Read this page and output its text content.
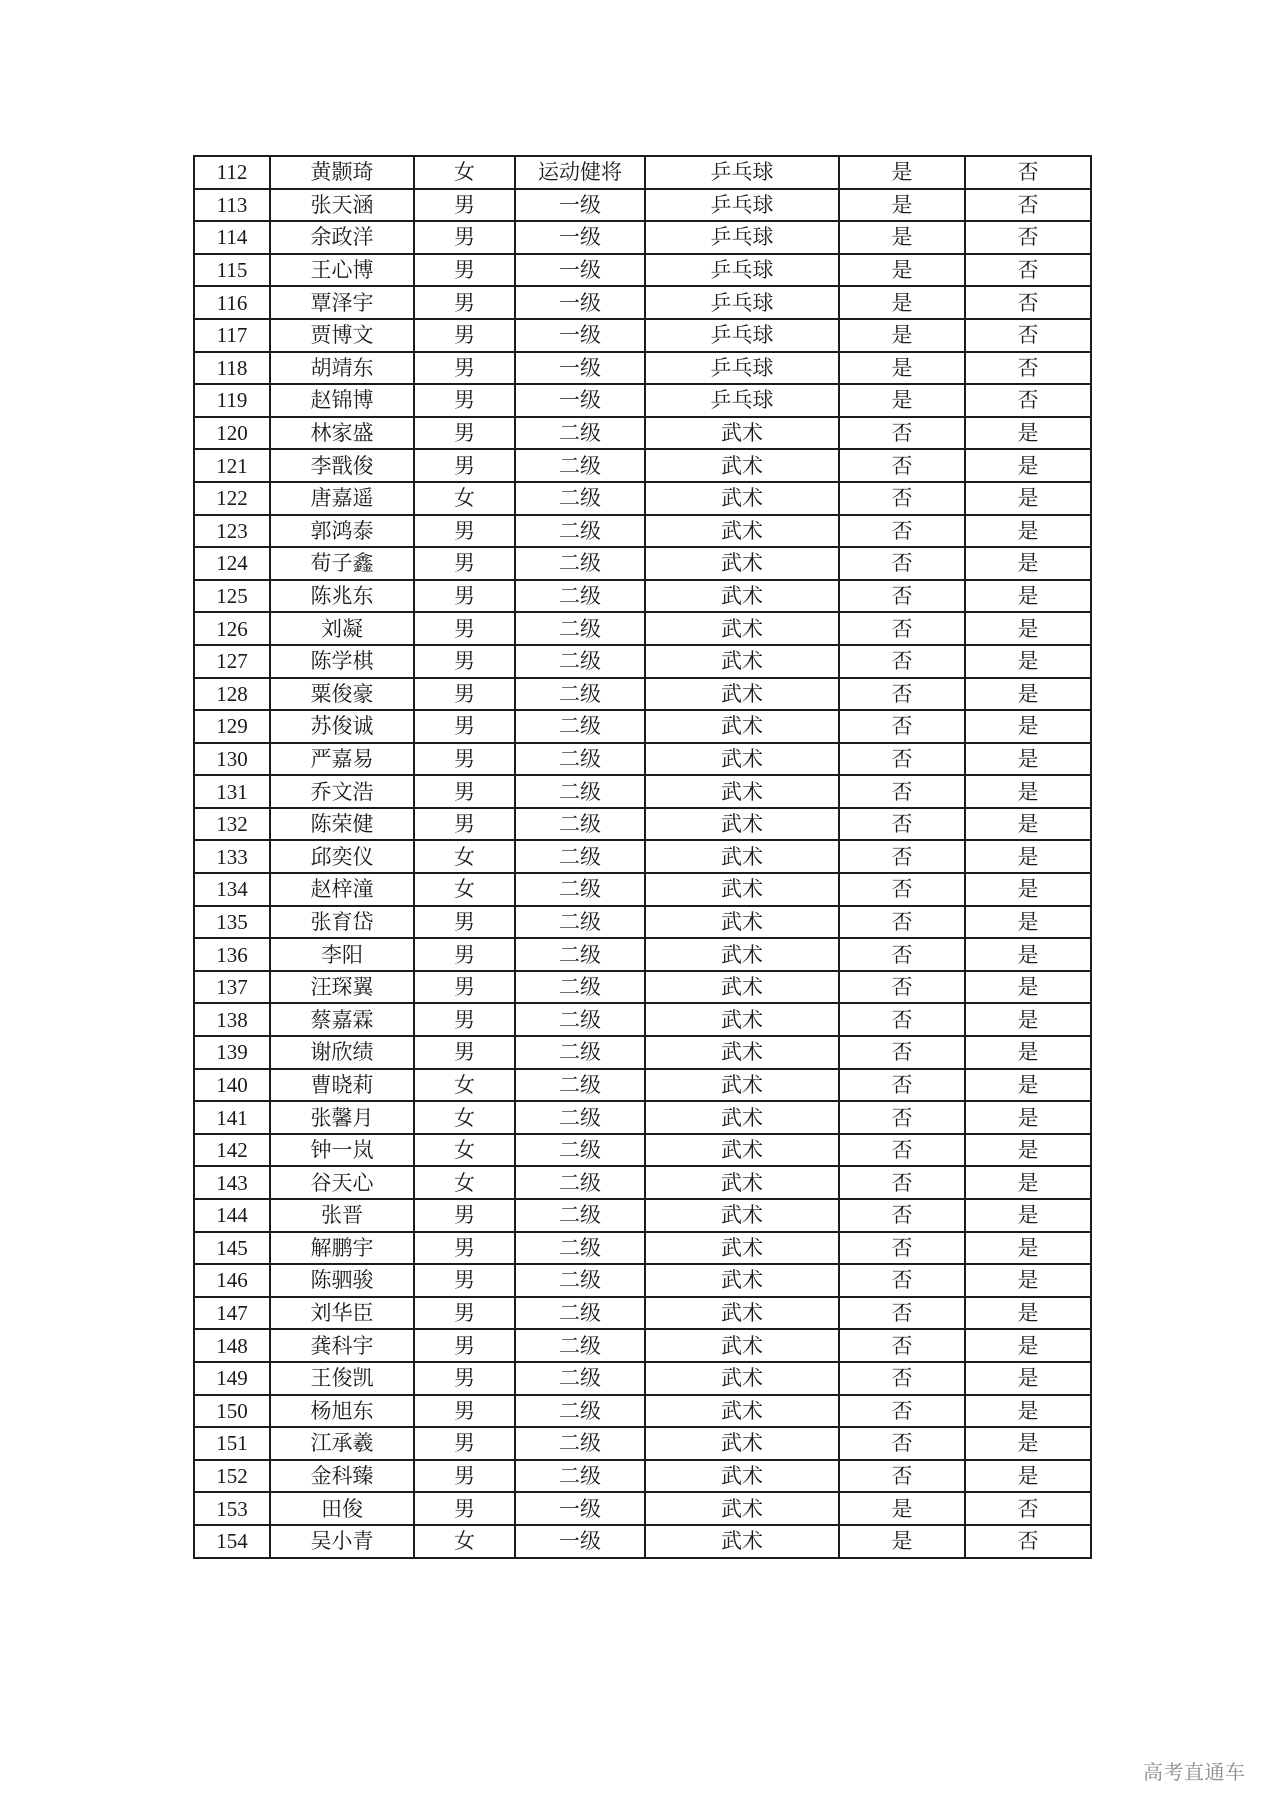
112	黄颢琦	女	运动健将	乒乓球	是	否
113	张天涵	男	一级	乒乓球	是	否
114	余政洋	男	一级	乒乓球	是	否
115	王心博	男	一级	乒乓球	是	否
116	覃泽宇	男	一级	乒乓球	是	否
117	贾博文	男	一级	乒乓球	是	否
118	胡靖东	男	一级	乒乓球	是	否
119	赵锦博	男	一级	乒乓球	是	否
120	林家盛	男	二级	武术	否	是
121	李戬俊	男	二级	武术	否	是
122	唐嘉遥	女	二级	武术	否	是
123	郭鸿泰	男	二级	武术	否	是
124	荀子鑫	男	二级	武术	否	是
125	陈兆东	男	二级	武术	否	是
126	刘凝	男	二级	武术	否	是
127	陈学棋	男	二级	武术	否	是
128	粟俊豪	男	二级	武术	否	是
129	苏俊诚	男	二级	武术	否	是
130	严嘉易	男	二级	武术	否	是
131	乔文浩	男	二级	武术	否	是
132	陈荣健	男	二级	武术	否	是
133	邱奕仪	女	二级	武术	否	是
134	赵梓潼	女	二级	武术	否	是
135	张育岱	男	二级	武术	否	是
136	李阳	男	二级	武术	否	是
137	汪琛翼	男	二级	武术	否	是
138	蔡嘉霖	男	二级	武术	否	是
139	谢欣绩	男	二级	武术	否	是
140	曹晓莉	女	二级	武术	否	是
141	张馨月	女	二级	武术	否	是
142	钟一岚	女	二级	武术	否	是
143	谷天心	女	二级	武术	否	是
144	张晋	男	二级	武术	否	是
145	解鹏宇	男	二级	武术	否	是
146	陈驷骏	男	二级	武术	否	是
147	刘华臣	男	二级	武术	否	是
148	龚科宇	男	二级	武术	否	是
149	王俊凯	男	二级	武术	否	是
150	杨旭东	男	二级	武术	否	是
151	江承羲	男	二级	武术	否	是
152	金科臻	男	二级	武术	否	是
153	田俊	男	一级	武术	是	否
154	吴小青	女	一级	武术	是	否
高考直通车
